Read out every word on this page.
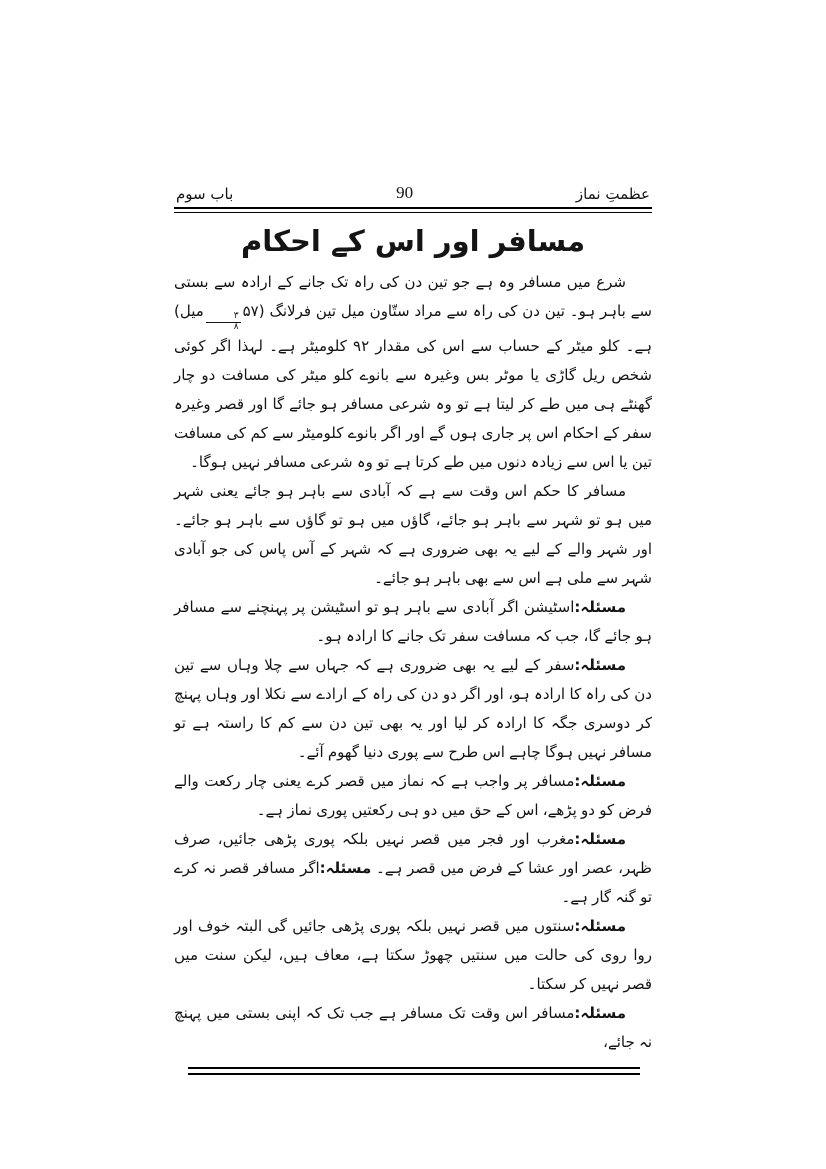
عظمتِ نماز
90
باب سوم
مسافر اور اس کے احکام

شرع میں مسافر وہ ہے جو تین دن کی راہ تک جانے کے ارادہ سے بستی سے باہر ہو۔ تین دن کی راہ سے مراد ستّاون میل تین فرلانگ (۵۷
$\frac{۳}{۸}$
میل) ہے۔ کلو میٹر کے حساب سے اس کی مقدار ۹۲ کلومیٹر ہے۔ لہذا اگر کوئی شخص ریل گاڑی یا موٹر بس وغیرہ سے بانوے کلو میٹر کی مسافت دو چار گھنٹے ہی میں طے کر لیتا ہے تو وہ شرعی مسافر ہو جائے گا اور قصر وغیرہ سفر کے احکام اس پر جاری ہوں گے اور اگر بانوے کلومیٹر سے کم کی مسافت تین یا اس سے زیادہ دنوں میں طے کرتا ہے تو وہ شرعی مسافر نہیں ہوگا۔

مسافر کا حکم اس وقت سے ہے کہ آبادی سے باہر ہو جائے یعنی شہر میں ہو تو شہر سے باہر ہو جائے، گاؤں میں ہو تو گاؤں سے باہر ہو جائے۔ اور شہر والے کے لیے یہ بھی ضروری ہے کہ شہر کے آس پاس کی جو آبادی شہر سے ملی ہے اس سے بھی باہر ہو جائے۔

مسئلہ:اسٹیشن اگر آبادی سے باہر ہو تو اسٹیشن پر پہنچنے سے مسافر ہو جائے گا، جب کہ مسافت سفر تک جانے کا ارادہ ہو۔

مسئلہ:سفر کے لیے یہ بھی ضروری ہے کہ جہاں سے چلا وہاں سے تین دن کی راہ کا ارادہ ہو، اور اگر دو دن کی راہ کے ارادے سے نکلا اور وہاں پہنچ کر دوسری جگہ کا ارادہ کر لیا اور یہ بھی تین دن سے کم کا راستہ ہے تو مسافر نہیں ہوگا چاہے اس طرح سے پوری دنیا گھوم آئے۔

مسئلہ:مسافر پر واجب ہے کہ نماز میں قصر کرے یعنی چار رکعت والے فرض کو دو پڑھے، اس کے حق میں دو ہی رکعتیں پوری نماز ہے۔

مسئلہ:مغرب اور فجر میں قصر نہیں بلکہ پوری پڑھی جائیں، صرف ظہر، عصر اور عشا کے فرض میں قصر ہے۔ مسئلہ:اگر مسافر قصر نہ کرے تو گنہ گار ہے۔

مسئلہ:سنتوں میں قصر نہیں بلکہ پوری پڑھی جائیں گی البتہ خوف اور روا روی کی حالت میں سنتیں چھوڑ سکتا ہے، معاف ہیں، لیکن سنت میں قصر نہیں کر سکتا۔

مسئلہ:مسافر اس وقت تک مسافر ہے جب تک کہ اپنی بستی میں پہنچ نہ جائے،
